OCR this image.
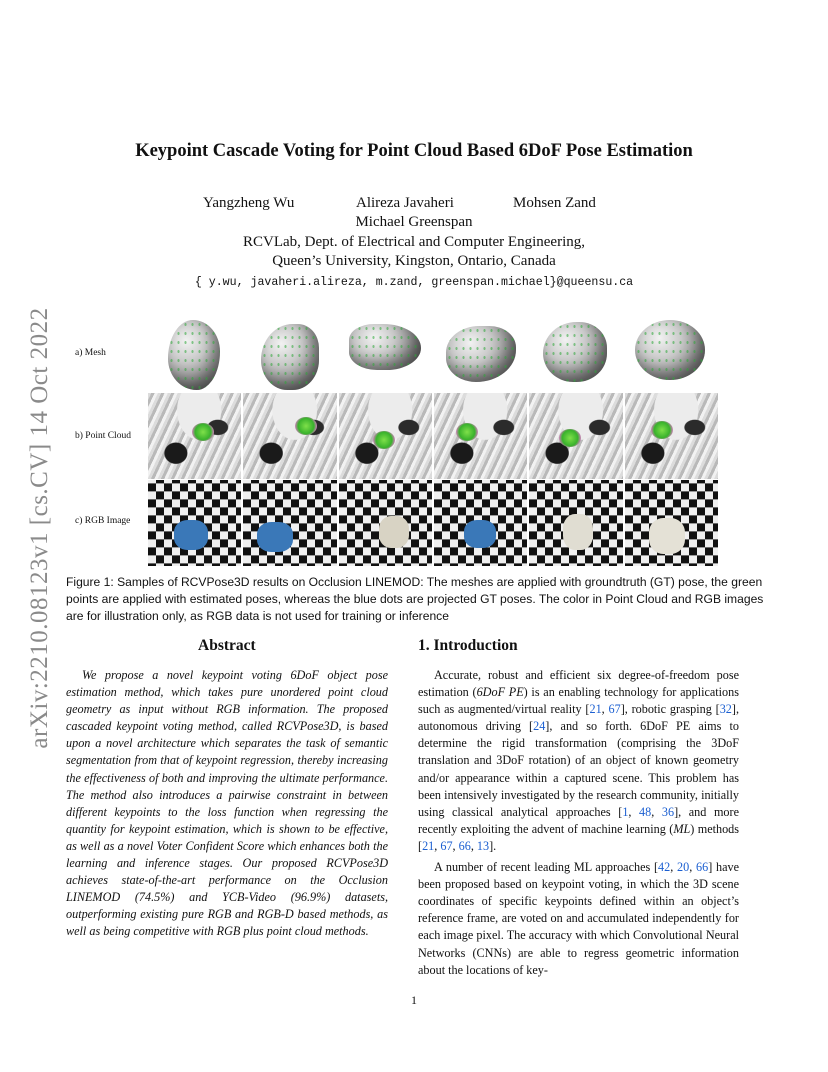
arXiv:2210.08123v1 [cs.CV] 14 Oct 2022
Keypoint Cascade Voting for Point Cloud Based 6DoF Pose Estimation
Yangzheng Wu	Alireza Javaheri	Mohsen Zand
Michael Greenspan
RCVLab, Dept. of Electrical and Computer Engineering,
Queen’s University, Kingston, Ontario, Canada
{ y.wu, javaheri.alireza, m.zand, greenspan.michael}@queensu.ca
a) Mesh
b) Point Cloud
c) RGB Image
Figure 1: Samples of RCVPose3D results on Occlusion LINEMOD: The meshes are applied with groundtruth (GT) pose, the green points are applied with estimated poses, whereas the blue dots are projected GT poses. The color in Point Cloud and RGB images are for illustration only, as RGB data is not used for training or inference
Abstract
We propose a novel keypoint voting 6DoF object pose estimation method, which takes pure unordered point cloud geometry as input without RGB information. The proposed cascaded keypoint voting method, called RCVPose3D, is based upon a novel architecture which separates the task of semantic segmentation from that of keypoint regression, thereby increasing the effectiveness of both and improving the ultimate performance. The method also introduces a pairwise constraint in between different keypoints to the loss function when regressing the quantity for keypoint estimation, which is shown to be effective, as well as a novel Voter Confident Score which enhances both the learning and inference stages. Our proposed RCVPose3D achieves state-of-the-art performance on the Occlusion LINEMOD (74.5%) and YCB-Video (96.9%) datasets, outperforming existing pure RGB and RGB-D based methods, as well as being competitive with RGB plus point cloud methods.
1. Introduction

Accurate, robust and efficient six degree-of-freedom pose estimation (6DoF PE) is an enabling technology for applications such as augmented/virtual reality [21, 67], robotic grasping [32], autonomous driving [24], and so forth. 6DoF PE aims to determine the rigid transformation (comprising the 3DoF translation and 3DoF rotation) of an object of known geometry and/or appearance within a captured scene. This problem has been intensively investigated by the research community, initially using classical analytical approaches [1, 48, 36], and more recently exploiting the advent of machine learning (ML) methods [21, 67, 66, 13].

A number of recent leading ML approaches [42, 20, 66] have been proposed based on keypoint voting, in which the 3D scene coordinates of specific keypoints defined within an object’s reference frame, are voted on and accumulated independently for each image pixel. The accuracy with which Convolutional Neural Networks (CNNs) are able to regress geometric information about the locations of key-

1
